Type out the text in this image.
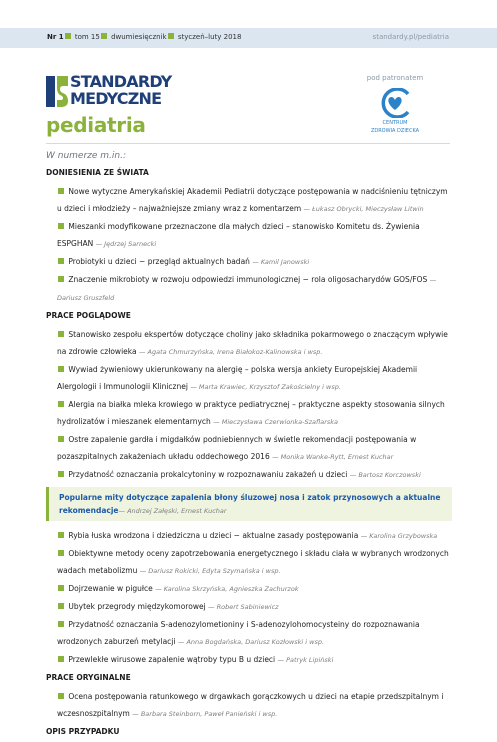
Nr 1 tom 15 dwumiesięcznik styczeń–luty 2018	standardy.pl/pediatria
STANDARDY
MEDYCZNE
pediatria
pod patronatem
CENTRUM
ZDROWIA DZIECKA
W numerze m.in.:
DONIESIENIA ZE ŚWIATA
Nowe wytyczne Amerykańskiej Akademii Pediatrii dotyczące postępowania w nadciśnieniu tętniczym u dzieci i młodzieży – najważniejsze zmiany wraz z komentarzem — Łukasz Obrycki, Mieczysław Litwin
Mieszanki modyfikowane przeznaczone dla małych dzieci – stanowisko Komitetu ds. Żywienia ESPGHAN — Jędrzej Sarnecki
Probiotyki u dzieci − przegląd aktualnych badań — Kamil Janowski
Znaczenie mikrobioty w rozwoju odpowiedzi immunologicznej − rola oligosacharydów GOS/FOS — Dariusz Gruszfeld
PRACE POGLĄDOWE
Stanowisko zespołu ekspertów dotyczące choliny jako składnika pokarmowego o znaczącym wpływie na zdrowie człowieka — Agata Chmurzyńska, Irena Białokoz-Kalinowska i wsp.
Wywiad żywieniowy ukierunkowany na alergię – polska wersja ankiety Europejskiej Akademii Alergologii i Immunologii Klinicznej — Marta Krawiec, Krzysztof Zakościelny i wsp.
Alergia na białka mleka krowiego w praktyce pediatrycznej – praktyczne aspekty stosowania silnych hydrolizatów i mieszanek elementarnych — Mieczysława Czerwionka-Szaflarska
Ostre zapalenie gardła i migdałków podniebiennych w świetle rekomendacji postępowania w pozaszpitalnych zakażeniach układu oddechowego 2016 — Monika Wanke-Rytt, Ernest Kuchar
Przydatność oznaczania prokalcytoniny w rozpoznawaniu zakażeń u dzieci — Bartosz Korczowski
Popularne mity dotyczące zapalenia błony śluzowej nosa i zatok przynosowych a aktualne rekomendacje— Andrzej Załęski, Ernest Kuchar
Rybia łuska wrodzona i dziedziczna u dzieci − aktualne zasady postępowania — Karolina Grzybowska
Obiektywne metody oceny zapotrzebowania energetycznego i składu ciała w wybranych wrodzonych wadach metabolizmu — Dariusz Rokicki, Edyta Szymańska i wsp.
Dojrzewanie w pigułce — Karolina Skrzyńska, Agnieszka Zachurzok
Ubytek przegrody międzykomorowej — Robert Sabiniewicz
Przydatność oznaczania S-adenozylometioniny i S-adenozylohomocysteiny do rozpoznawania wrodzonych zaburzeń metylacji — Anna Bogdańska, Dariusz Kozłowski i wsp.
Przewlekłe wirusowe zapalenie wątroby typu B u dzieci — Patryk Lipiński
PRACE ORYGINALNE
Ocena postępowania ratunkowego w drgawkach gorączkowych u dzieci na etapie przedszpitalnym i wczesnoszpitalnym — Barbara Steinborn, Paweł Panieński i wsp.
OPIS PRZYPADKU
